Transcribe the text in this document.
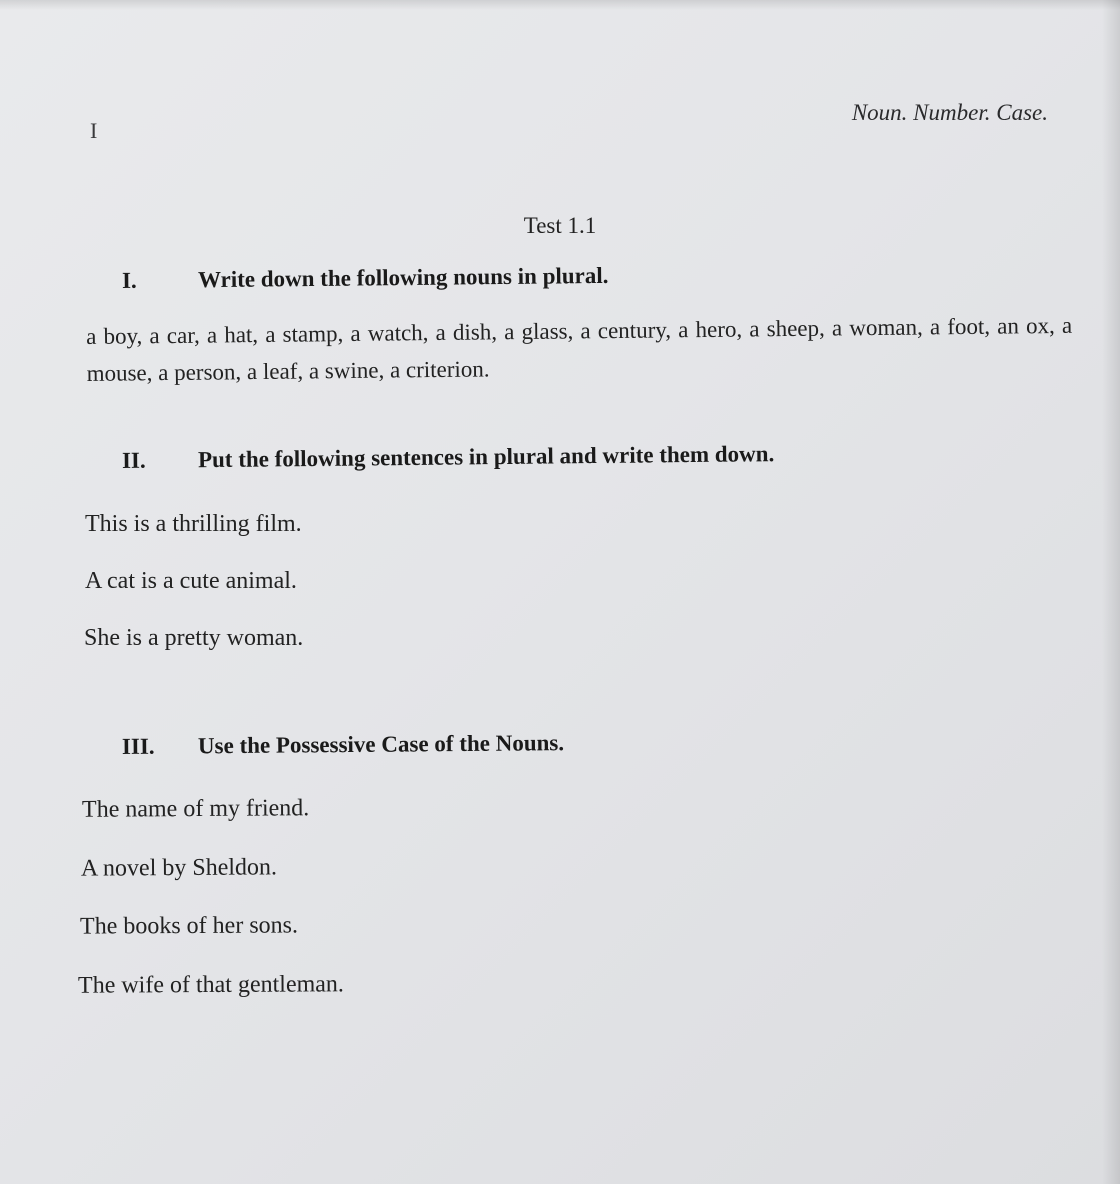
I
Noun. Number. Case.
Test 1.1
I.	Write down the following nouns in plural.
a boy, a car, a hat, a stamp, a watch, a dish, a glass, a century, a hero, a sheep, a woman, a foot, an ox, a mouse, a person, a leaf, a swine, a criterion.
II. Put the following sentences in plural and write them down.
This is a thrilling film.
A cat is a cute animal.
She is a pretty woman.
III. Use the Possessive Case of the Nouns.
The name of my friend.
A novel by Sheldon.
The books of her sons.
The wife of that gentleman.
